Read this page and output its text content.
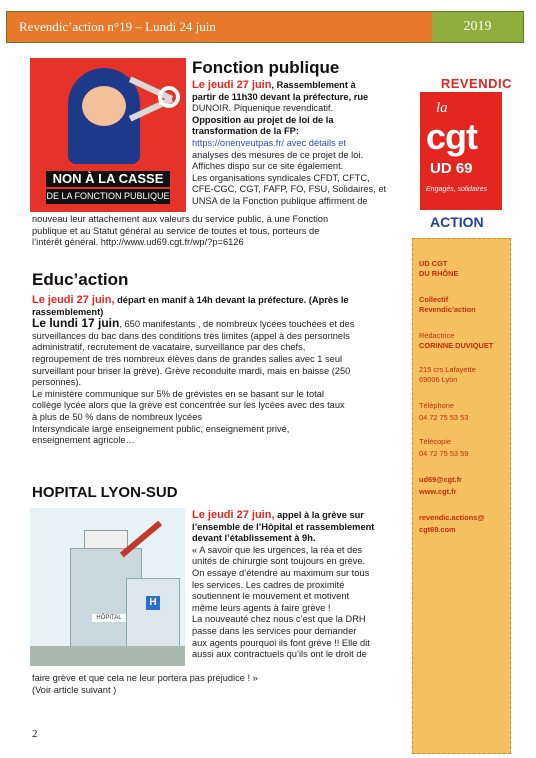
Revendic’action n°19 – Lundi 24 juin	2019
NON À LA CASSE
DE LA FONCTION PUBLIQUE
Fonction publique
Le jeudi 27 juin, Rassemblement à
partir de 11h30 devant la préfecture, rue
DUNOIR. Piquenique revendicatif.
Opposition au projet de loi de la
transformation de la FP:
https://onenveutpas.fr/ avec détails et
analyses des mesures de ce projet de loi.
Affiches dispo sur ce site également.
Les organisations syndicales CFDT, CFTC,
CFE-CGC, CGT, FAFP, FO, FSU, Solidaires, et
UNSA de la Fonction publique affirment de
nouveau leur attachement aux valeurs du service public, à une Fonction
publique et au Statut général au service de toutes et tous, porteurs de
l’intérêt général. http://www.ud69.cgt.fr/wp/?p=6126
Educ’action
Le jeudi 27 juin, départ en manif à 14h devant la préfecture. (Après le
rassemblement)
Le lundi 17 juin, 650 manifestants , de nombreux lycées touchées et des
surveillances du bac dans des conditions très limites (appel à des personnels
administratif, recrutement de vacataire, surveillance par des chefs,
regroupement de très nombreux élèves dans de grandes salles avec 1 seul
surveillant pour briser la grève). Grève reconduite mardi, mais en baisse (250
personnes).
Le ministère communique sur 5% de grévistes en se basant sur le total
collège lycée alors que la grève est concentrée sur les lycées avec des taux
à plus de 50 % dans de nombreux lycées
Intersyndicale large enseignement public, enseignement privé,
enseignement agricole…
HOPITAL LYON-SUD
HÔPITAL
H
Le jeudi 27 juin, appel à la grève sur
l’ensemble de l’Hôpital et rassemblement
devant l’établissement à 9h.
« A savoir que les urgences, la réa et des
unités de chirurgie sont toujours en grève.
On essaye d’étendre au maximum sur tous
les services. Les cadres de proximité
soutiennent le mouvement et motivent
même leurs agents à faire grève !
La nouveauté chez nous c’est que la DRH
passe dans les services pour demander
aux agents pourquoi ils font grève !! Elle dit
aussi aux contractuels qu’ils ont le droit de
faire grève et que cela ne leur portera pas préjudice ! »
(Voir article suivant )
REVENDIC
la
cgt
UD 69
Engagés, solidaires
ACTION
UD CGT
DU RHÔNE
Collectif
Revendic’action
Rédactrice
CORINNE DUVIQUET
215 crs Lafayette
69006 Lyon
Téléphone
04 72 75 53 53
Télécopie
04 72 75 53 59
ud69@cgt.fr
www.cgt.fr
revendic.actions@
cgt69.com
2
